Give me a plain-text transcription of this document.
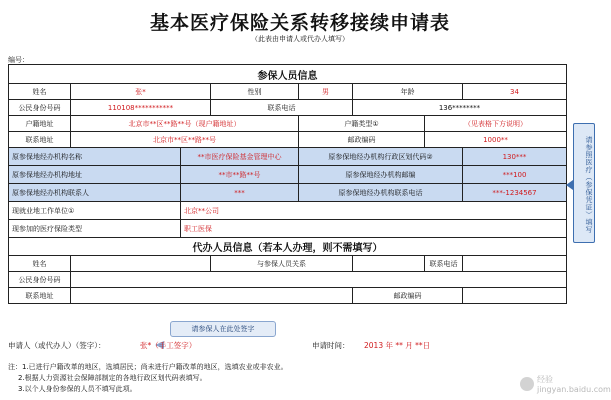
基本医疗保险关系转移接续申请表
（此表由申请人或代办人填写）
编号：
参保人员信息							
姓名	张*		性别	男	年龄		34
公民身份号码	110108***********		联系电话		136********		
户籍地址	北京市**区**路**号（现户籍地址）			户籍类型①		（见表格下方说明）	
联系地址	北京市**区**路**号			邮政编码		1000**	
原参保地经办机构名称		**市医疗保险基金管理中心		原参保地经办机构行政区划代码②			130***
原参保地经办机构地址		**市**路**号		原参保地经办机构邮编			***100
原参保地经办机构联系人		***		原参保地经办机构联系电话			***-1234567
现就业地工作单位①		北京**公司					
现参加的医疗保险类型		职工医保					
代办人员信息（若本人办理，则不需填写）							
姓名			与参保人员关系			联系电话	
公民身份号码							
联系地址					邮政编码		
请参照医疗（参保凭证）填写
请参保人在此处签字
申请人（或代办人）（签字）：	张*（手工签字）	申请时间： 2013 年 ** 月 **日
注：1.已进行户籍改革的地区，选填居民；尚未进行户籍改革的地区，选填农业或非农业。
2.根据人力资源社会保障部制定的各地行政区划代码表填写。
3.以个人身份参保的人员不填写此项。
经验
jingyan.baidu.com
